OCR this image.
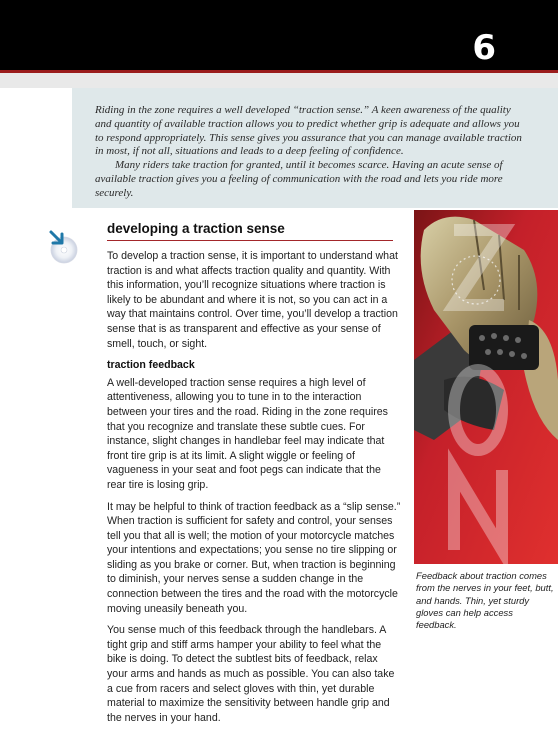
6

Riding in the zone requires a well developed “traction sense.” A keen awareness of the quality and quantity of available traction allows you to predict whether grip is adequate and allows you to respond appropriately. This sense gives you assurance that you can manage available traction in most, if not all, situations and leads to a deep feeling of confidence.

Many riders take traction for granted, until it becomes scarce. Having an acute sense of available traction gives you a feeling of communication with the road and lets you ride more securely.

developing a traction sense

To develop a traction sense, it is important to understand what traction is and what affects traction quality and quantity. With this information, you’ll recognize situations where traction is likely to be abundant and where it is not, so you can act in a way that maintains control. Over time, you’ll develop a traction sense that is as transparent and effective as your sense of smell, touch, or sight.

traction feedback

A well-developed traction sense requires a high level of attentiveness, allowing you to tune in to the interaction between your tires and the road. Riding in the zone requires that you recognize and translate these subtle cues. For instance, slight changes in handlebar feel may indicate that front tire grip is at its limit. A slight wiggle or feeling of vagueness in your seat and foot pegs can indicate that the rear tire is losing grip.

It may be helpful to think of traction feedback as a “slip sense.” When traction is sufficient for safety and control, your senses tell you that all is well; the motion of your motorcycle matches your intentions and expectations; you sense no tire slipping or sliding as you brake or corner. But, when traction is beginning to diminish, your nerves sense a sudden change in the connection between the tires and the road with the motorcycle moving uneasily beneath you.

You sense much of this feedback through the handlebars. A tight grip and stiff arms hamper your ability to feel what the bike is doing. To detect the subtlest bits of feedback, relax your arms and hands as much as possible. You can also take a cue from racers and select gloves with thin, yet durable material to maximize the sensitivity between handle grip and the nerves in your hand.

Feedback about traction comes from the nerves in your feet, butt, and hands. Thin, yet sturdy gloves can help access feedback.
